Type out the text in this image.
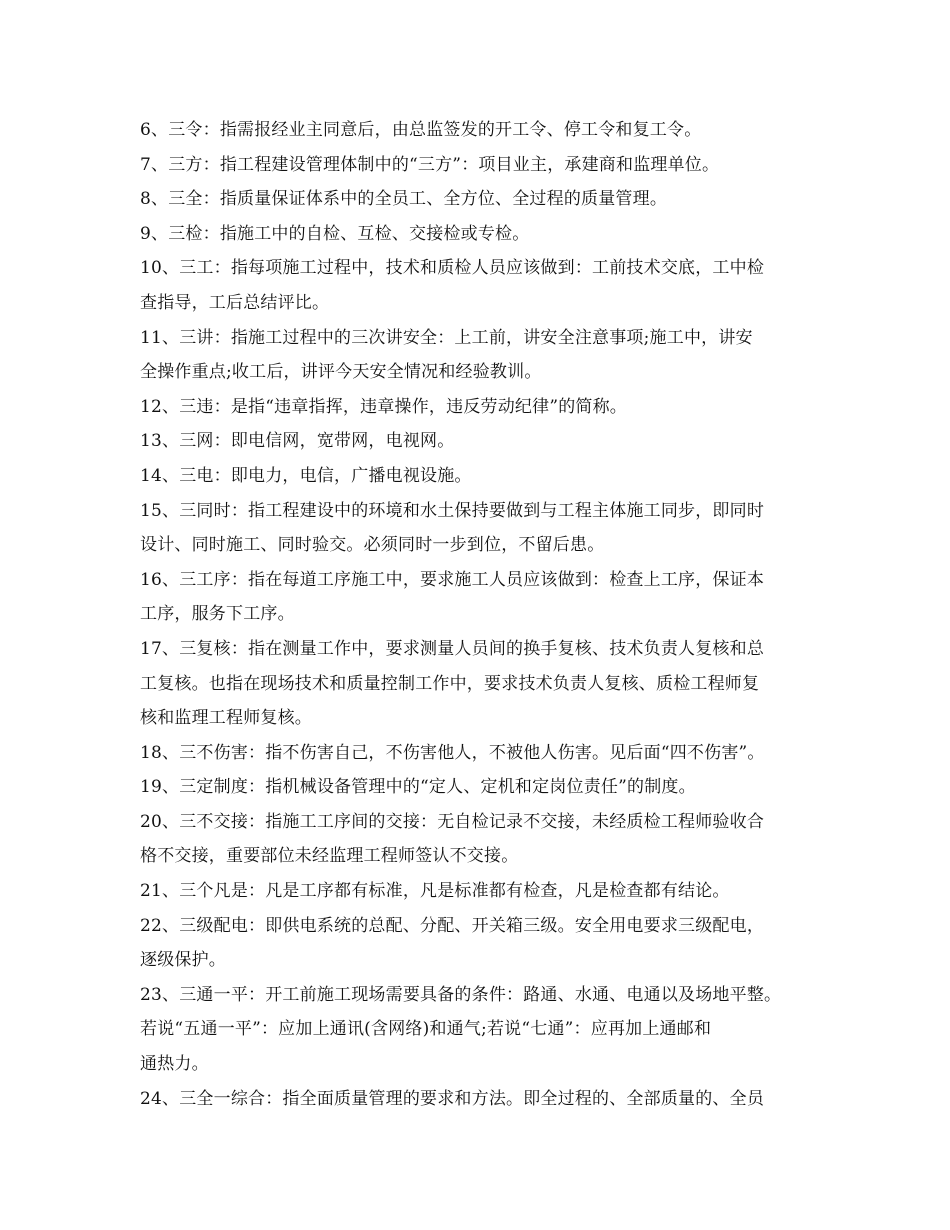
6、三令：指需报经业主同意后，由总监签发的开工令、停工令和复工令。
7、三方：指工程建设管理体制中的“三方”：项目业主，承建商和监理单位。
8、三全：指质量保证体系中的全员工、全方位、全过程的质量管理。
9、三检：指施工中的自检、互检、交接检或专检。
10、三工：指每项施工过程中，技术和质检人员应该做到：工前技术交底，工中检
查指导，工后总结评比。
11、三讲：指施工过程中的三次讲安全：上工前，讲安全注意事项;施工中，讲安
全操作重点;收工后，讲评今天安全情况和经验教训。
12、三违：是指“违章指挥，违章操作，违反劳动纪律”的简称。
13、三网：即电信网，宽带网，电视网。
14、三电：即电力，电信，广播电视设施。
15、三同时：指工程建设中的环境和水土保持要做到与工程主体施工同步，即同时
设计、同时施工、同时验交。必须同时一步到位，不留后患。
16、三工序：指在每道工序施工中，要求施工人员应该做到：检查上工序，保证本
工序，服务下工序。
17、三复核：指在测量工作中，要求测量人员间的换手复核、技术负责人复核和总
工复核。也指在现场技术和质量控制工作中，要求技术负责人复核、质检工程师复
核和监理工程师复核。
18、三不伤害：指不伤害自己，不伤害他人，不被他人伤害。见后面“四不伤害”。
19、三定制度：指机械设备管理中的“定人、定机和定岗位责任”的制度。
20、三不交接：指施工工序间的交接：无自检记录不交接，未经质检工程师验收合
格不交接，重要部位未经监理工程师签认不交接。
21、三个凡是：凡是工序都有标准，凡是标准都有检查，凡是检查都有结论。
22、三级配电：即供电系统的总配、分配、开关箱三级。安全用电要求三级配电，
逐级保护。
23、三通一平：开工前施工现场需要具备的条件：路通、水通、电通以及场地平整。
若说“五通一平”：应加上通讯(含网络)和通气;若说“七通”：应再加上通邮和
通热力。
24、三全一综合：指全面质量管理的要求和方法。即全过程的、全部质量的、全员
